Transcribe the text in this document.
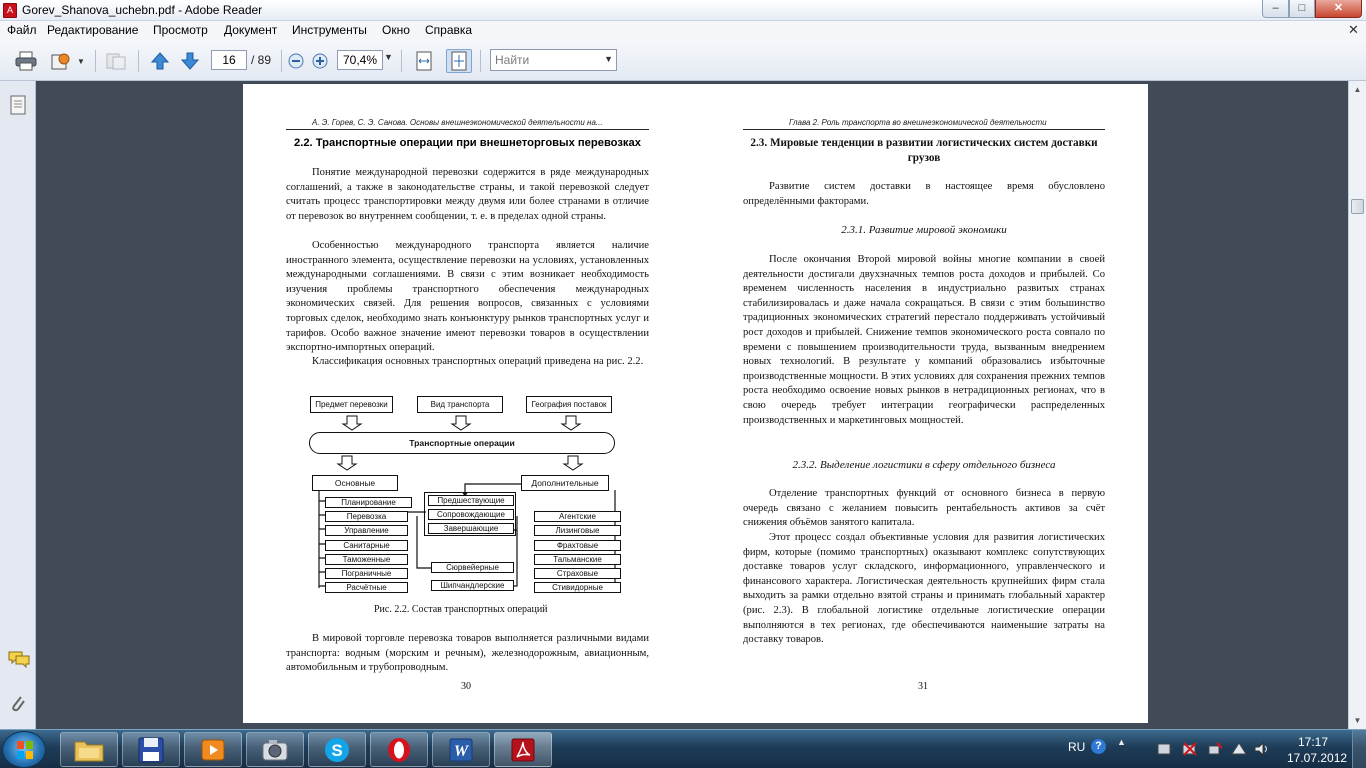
A Gorev_Shanova_uchebn.pdf - Adobe Reader	–	□	✕
Файл Редактирование Просмотр Документ Инструменты Окно Справка	✕
▼	16	/ 89	70,4% ▼	Найти	▼
▲
▼
А. Э. Горев, С. Э. Санова. Основы внешнеэкономической деятельности на...
2.2. Транспортные операции при внешнеторговых перевозках
Понятие международной перевозки содержится в ряде международных соглашений, а также в законодательстве страны, и такой перевозкой следует считать процесс транспортировки между двумя или более странами в отличие от перевозок во внутреннем сообщении, т. е. в пределах одной страны.
Особенностью международного транспорта является наличие иностранного элемента, осуществление перевозки на условиях, установленных международными соглашениями. В связи с этим возникает необходимость изучения проблемы транспортного обеспечения международных экономических связей. Для решения вопросов, связанных с условиями торговых сделок, необходимо знать конъюнктуру рынков транспортных услуг и тарифов. Особо важное значение имеют перевозки товаров в осуществлении экспортно-импортных операций.
Классификация основных транспортных операций приведена на рис. 2.2.
Предмет перевозки	Вид транспорта	География поставок
Транспортные операции
Основные	Дополнительные
Планирование
Перевозка
Управление
Санитарные
Таможенные
Пограничные
Расчётные
Предшествующие
Сопровождающие
Завершающие
Сюрвейерные
Шипчандлерские
Агентские
Лизинговые
Фрахтовые
Тальманские
Страховые
Стивидорные
Рис. 2.2. Состав транспортных операций
В мировой торговле перевозка товаров выполняется различными видами транспорта: водным (морским и речным), железнодорожным, авиационным, автомобильным и трубопроводным.
30
Глава 2. Роль транспорта во внешнеэкономической деятельности
2.3. Мировые тенденции в развитии логистических систем доставки грузов
Развитие систем доставки в настоящее время обусловлено определёнными факторами.
2.3.1. Развитие мировой экономики
После окончания Второй мировой войны многие компании в своей деятельности достигали двухзначных темпов роста доходов и прибылей. Со временем численность населения в индустриально развитых странах стабилизировалась и даже начала сокращаться. В связи с этим большинство традиционных экономических стратегий перестало поддерживать устойчивый рост доходов и прибылей. Снижение темпов экономического роста совпало по времени с повышением производительности труда, вызванным внедрением новых технологий. В результате у компаний образовались избыточные производственные мощности. В этих условиях для сохранения прежних темпов роста необходимо освоение новых рынков в нетрадиционных регионах, что в свою очередь требует интеграции географически распределенных производственных и маркетинговых мощностей.
2.3.2. Выделение логистики в сферу отдельного бизнеса
Отделение транспортных функций от основного бизнеса в первую очередь связано с желанием повысить рентабельность активов за счёт снижения объёмов занятого капитала.
Этот процесс создал объективные условия для развития логистических фирм, которые (помимо транспортных) оказывают комплекс сопутствующих доставке товаров услуг складского, информационного, управленческого и финансового характера. Логистическая деятельность крупнейших фирм стала выходить за рамки отдельно взятой страны и принимать глобальный характер (рис. 2.3). В глобальной логистике отдельные логистические операции выполняются в тех регионах, где обеспечиваются наименьшие затраты на доставку товаров.
31
S	W	RU ?	▲	17:17
17.07.2012
